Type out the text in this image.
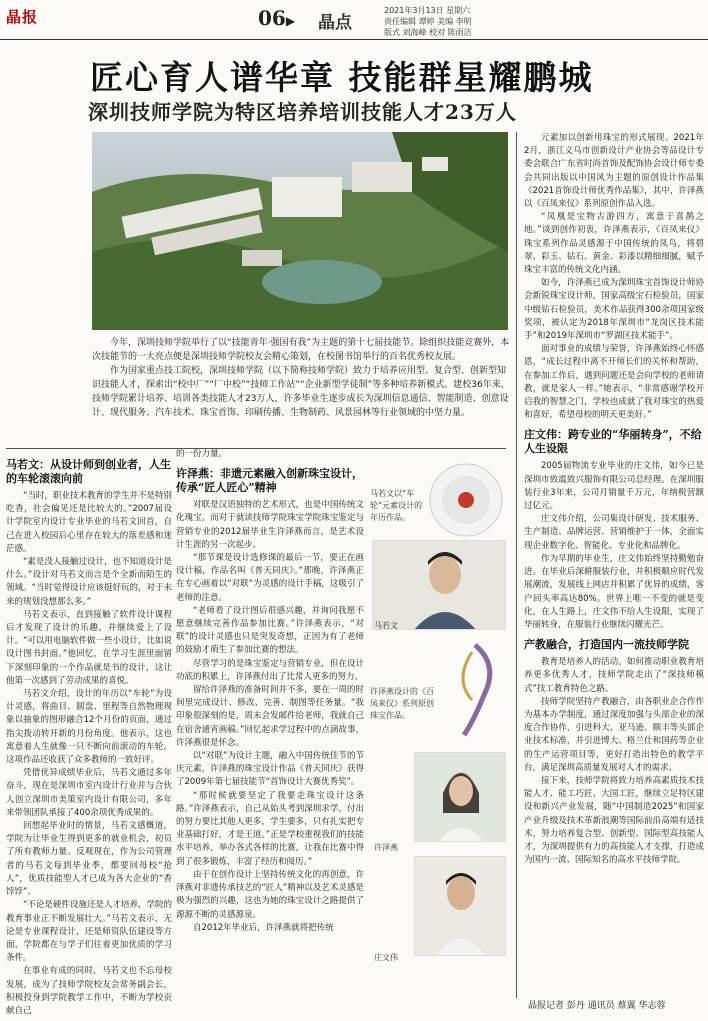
晶报	06▶ 晶点
2021年3月13日 星期六
责任编辑 谭婷 美编 李明
版式 刘海峰 校对 陈雨洁
匠心育人谱华章 技能群星耀鹏城
深圳技师学院为特区培养培训技能人才23万人

今年，深圳技师学院举行了以“技能青年·强国有我”为主题的第十七届技能节。除组织技能竞赛外，本次技能节的一大亮点便是深圳技师学院校友会精心策划，在校图书馆举行的百名优秀校友展。

作为国家重点技工院校，深圳技师学院（以下简称技师学院）致力于培养应用型、复合型、创新型知识技能人才，探索出“校中厂”“厂中校”“技师工作站”“企业新型学徒制”等多种培养新模式。建校36年来，技师学院累计培养、培训各类技能人才23万人，许多毕业生逐步成长为深圳信息通信、智能制造、创意设计、现代服务、汽车技术、珠宝首饰、印刷传播、生物制药、风景园林等行业领域的中坚力量。

马若文：从设计师到创业者，人生的车轮滚滚向前

“当时，职业技术教育的学生并不是特别吃香，社会偏见还是比较大的。”2007届设计学院室内设计专业毕业的马若文回首，自己在进入校园后心里存在较大的落差感和迷茫感。

“素是没人接触过设计，也不知道设计是什么。”设计对马若文而言是个全新而陌生的领域。“当时觉得设计应该挺好玩的，对于未来的规划没想那么多。”

马若文表示，直到接触了软件设计课程后才发现了设计的乐趣，并继续爱上了设计。“可以用电脑软件做一些小设计，比如说设计图书封面。”他回忆，在学习生涯里面留下深刻印象的一个作品就是书的设计，这让他第一次感到了劳动成果的喜悦。

马若文介绍，设计的年历以“车轮”为设计灵感，将曲目、圆盘、里程等自然物理现象以抽象的图形融合12个月份的页面，通过指尖拨动转开新的月份角度。他表示，这也寓意着人生就像一只不断向前滚动的车轮，这项作品还收获了众多教师的一致好评。

凭借优异成绩毕业后，马若文通过多年奋斗，现在是深圳市室内设计行业并与合伙人创立深圳市美策室内设计有限公司，多年来带领团队承接了400余项优秀成果的。

回想起毕业时的情景，马若文感慨道，学院为让毕业生得到更多的就业机会，初员了所有教师力量。反观现在，作为公司管理者的马若文每到毕业季，都要回母校“抢人”，优质技能型人才已成为各大企业的“香饽饽”。

“不论是硬件设施还是人才培养，学院的教育事业正不断发展壮大。”马若文表示，无论是专业课程设计，还是师资队伍建设等方面，学院都在与学子们往着更加优质的学习条件。

在事业有成的同时，马若文也不忘母校发展，成为了技师学院校友会常务副会长，积极投身到学院教学工作中，不断为学校贡献自己

的一份力量。

许泽燕：非遗元素融入创新珠宝设计，传承“匠人匠心”精神

对联是汉语独特的艺术形式，也是中国传统文化瑰宝。而对于就读技师学院珠宝学院珠宝鉴定与营销专业的2012届毕业生许泽燕而言，是艺术设计生涯的另一次起步。

“那节课是设计选修课的最后一节，要正在画设计稿，作品名叫《普天同庆》。”那晚，许泽燕正在专心画着以“对联”为灵感的设计手稿，这吸引了老师的注意。

“老师看了设计图后很感兴趣，并询问我愿不愿意继续完善作品参加比赛。”许泽燕表示，“对联”的设计灵感也只是突发奇想，正因为有了老师的鼓励才萌生了参加比赛的想法。

尽管学习的是珠宝鉴定与营销专业，但在设计功底的积累上，许泽燕付出了比常人更多的努力。

留给许泽燕的准备时间并不多，要在一周的时间里完成设计、修改、完善、制图等任务量。“我印象很深刻的是，周末会发邮件给老师，我就自己在宿舍通宵画稿。”回忆起求学过程中的点滴故事，许泽燕很是怀念。

以“对联”为设计主题，融入中国传统佳节的节庆元素，许泽燕的珠宝设计作品《普天同庆》获得了2009年第七届技能节“首饰设计大赛优秀奖”。

“那时候就要坚定了我要走珠宝设计这条路。”许泽燕表示，自己从始头考到深圳求学，付出的努力要比其他人更多，学生要多，只有扎实把专业基础打好，才是王道。”正是学校重视我们的技能水平培养，举办各式各样的比赛，让我在比赛中得到了很多锻炼，丰富了经历和阅历。”

由于在创作设计上坚持传统文化的再创意，许泽燕对非遗传承技艺的“匠人”精神以及艺术灵感是极为强烈的兴趣，这也为她的珠宝设计之路提供了源源不断的灵感源泉。

自2012年毕业后，许泽燕就将把传统

马若文以“车轮”元素设计的年历作品。
马若文
许泽燕设计的《百凤来仪》系列原创珠宝作品。
许泽燕
庄文伟

元素加以创新用珠宝的形式展现。2021年2月，浙江义乌市创新设计产业协会等品设计专委会联合广东省时尚首饰及配饰协会设计师专委会共同出版以中国风为主题的原创设计作品集《2021首饰设计师优秀作品集》，其中，许泽燕以《百凤来仪》系列原创作品入选。

“凤凰是宝物古游四方，寓意于喜鹊之地。”谈到创作初衷，许泽燕表示，《百凤来仪》珠宝系列作品灵感源于中国传统的凤鸟，将碧翠、彩玉、钻石、黄金、彩漆以精细细腻，赋予珠宝丰富的传统文化内涵。

如今，许泽燕已成为深圳珠宝首饰设计师协会新锐珠宝设计师，国家高级宝石检验员，国家中级钻石检验员，美术作品获得300余项国家级奖项，被认定为2018年深圳市“龙岗区技术能手”和2019年深圳市“罗湖区技术能手”。

面对事业的成绩与荣誉，许泽燕始终心怀感恩，“成长过程中离不开师长们的关怀和帮助，在参加工作后，遇到问题还是会向学校的老师请教，就是家人一样。”她表示，“非常感谢学校开启我的智慧之门，学校也成就了我对珠宝的热爱和喜好，希望母校的明天更美好。”

庄文伟：跨专业的“华丽转身”，不给人生设限

2005届物流专业毕业的庄文伟，如今已是深圳市致震致兴服饰有限公司总经理。在深圳服装行业3年来，公司月销量千万元，年纳税营额过亿元。

庄文伟介绍，公司集设计研发、技术服务、生产制造、品牌运营、营销维护于一体，全面实现企业数字化、智能化、专业化和品牌化。

作为早期的毕业生，庄文伟始终坚持勤勉奋进。在毕业后深耕服装行业，并积极顺应时代发展潮流，发展线上网店并积累了优异的成绩，客户回头率高达80%。世界上唯一不变的就是变化，在人生路上，庄文伟不给人生设限，实现了华丽转身，在服装行业继续闪耀光芒。

产教融合，打造国内一流技师学院

教育是培养人的活动。如何推动职业教育培养更多优秀人才，技师学院走出了“深技师模式”技工教育特色之路。

技师学院坚持产教融合，由各职业企合作作为基本办学制度，通过深度加强与头部企业的深度合作协作，引进科大、亚马逊、顺丰等头部企业技术标准，并引进博大、格兰仕和国药等企业的生产运营项目等，更好打造出特色的教学平台，满足深圳高质量发展对人才的需求。

接下来，技师学院将致力培养高素质技术技能人才、能工巧匠、大国工匠，继续立足特区建设和新兴产业发展，随“中国制造2025”和国家产业升级及技术革新浪潮等国际前沿高端有适技术，努力培养复合型、创新型、国际型高技能人才，为深圳提供有力的高技能人才支撑，打造成为国内一流、国际知名的高水平技师学院。

晶报记者 彭丹 通讯员 蔡翼 华志蓉
